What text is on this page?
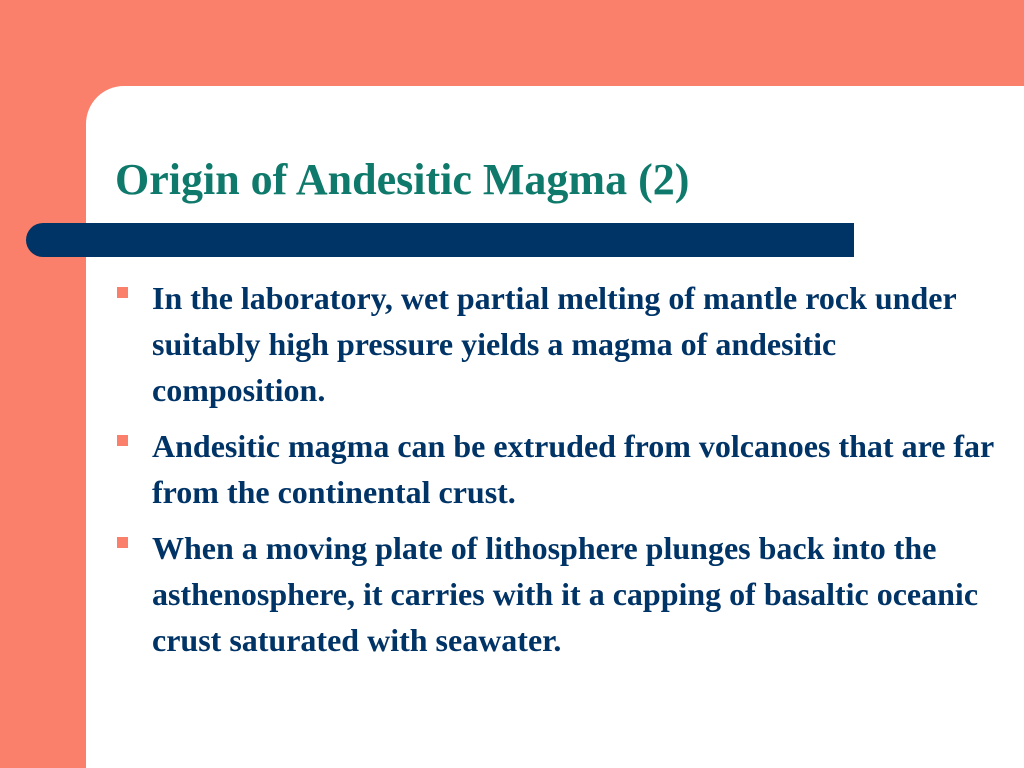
Origin of Andesitic Magma (2)
In the laboratory, wet partial melting of mantle rock under suitably high pressure yields a magma of andesitic composition.
Andesitic magma can be extruded from volcanoes that are far from the continental crust.
When a moving plate of lithosphere plunges back into the asthenosphere, it carries with it a capping of basaltic oceanic crust saturated with seawater.
